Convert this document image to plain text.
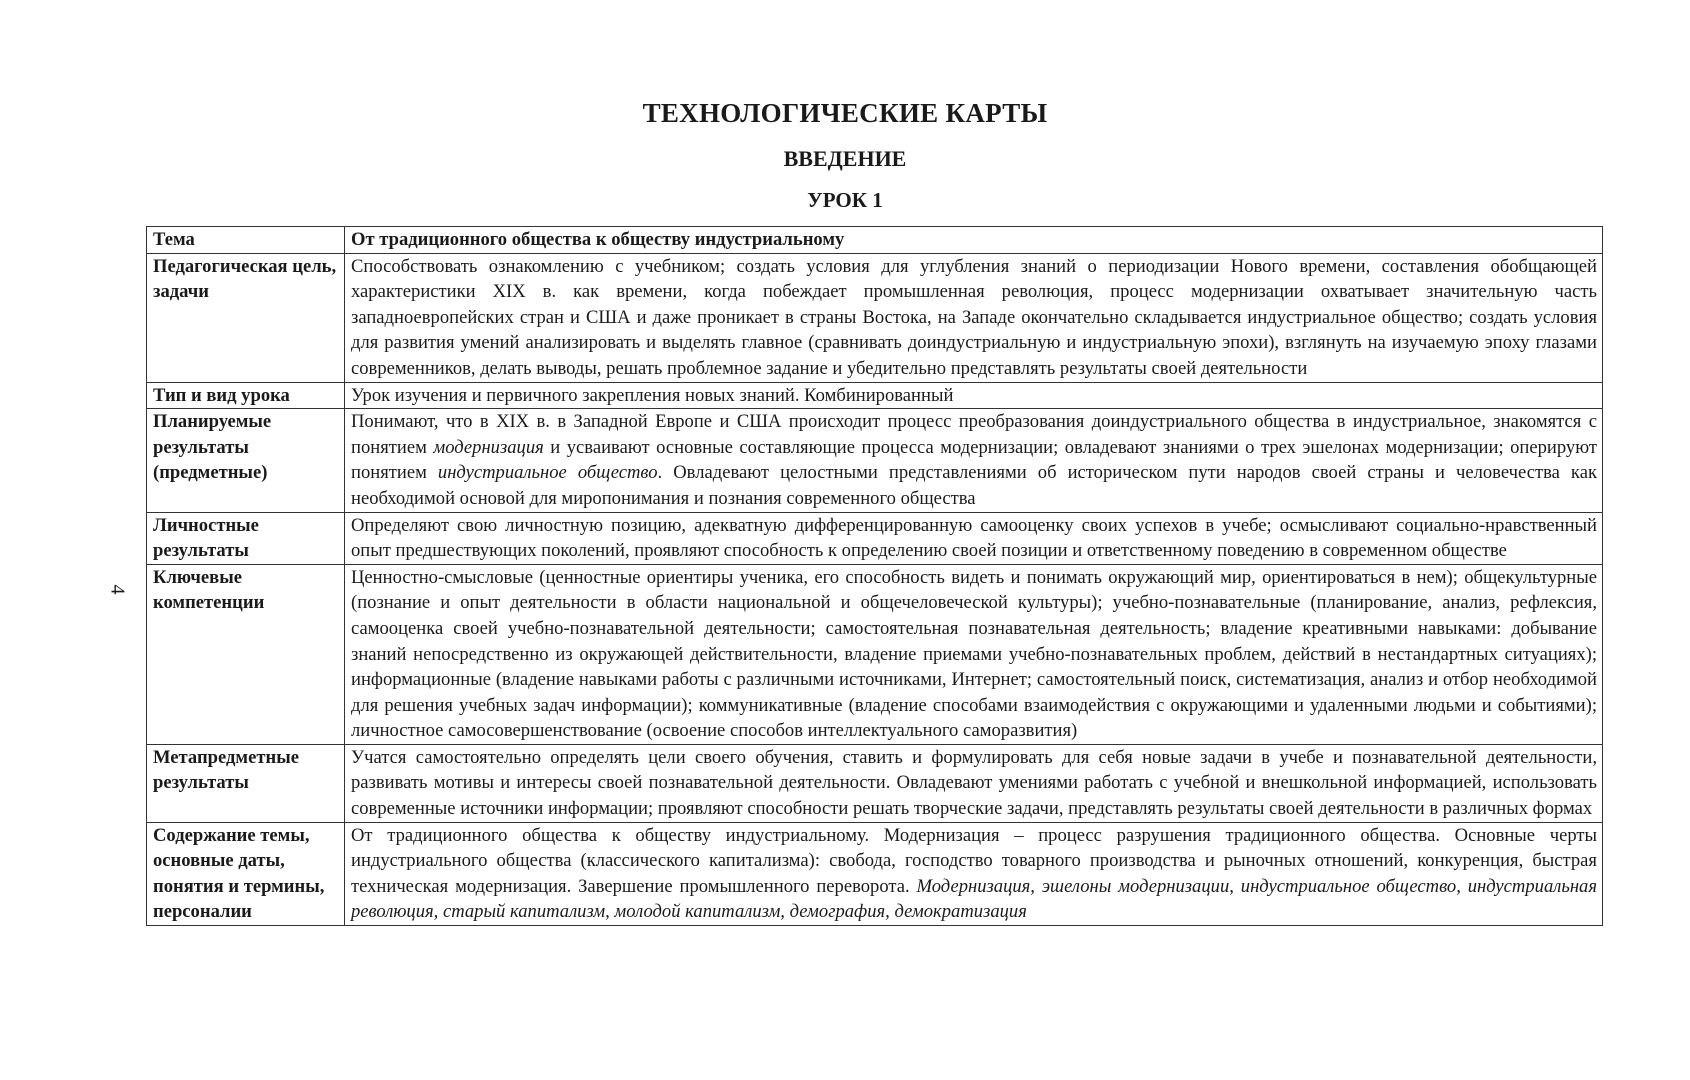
ТЕХНОЛОГИЧЕСКИЕ КАРТЫ
ВВЕДЕНИЕ
УРОК 1
4
Тема	От традиционного общества к обществу индустриальному
Педагогическая цель, задачи	Способствовать ознакомлению с учебником; создать условия для углубления знаний о периодизации Нового времени, составления обобщающей характеристики XIX в. как времени, когда побеждает промышленная революция, процесс модернизации охватывает значительную часть западноевропейских стран и США и даже проникает в страны Востока, на Западе окончательно складывается индустриальное общество; создать условия для развития умений анализировать и выделять главное (сравнивать доиндустриальную и индустриальную эпохи), взглянуть на изучаемую эпоху глазами современников, делать выводы, решать проблемное задание и убедительно представлять результаты своей деятельности
Тип и вид урока	Урок изучения и первичного закрепления новых знаний. Комбинированный
Планируемые результаты (предметные)	Понимают, что в XIX в. в Западной Европе и США происходит процесс преобразования доиндустриального общества в индустриальное, знакомятся с понятием модернизация и усваивают основные составляющие процесса модернизации; овладевают знаниями о трех эшелонах модернизации; оперируют понятием индустриальное общество. Овладевают целостными представлениями об историческом пути народов своей страны и человечества как необходимой основой для миропонимания и познания современного общества
Личностные результаты	Определяют свою личностную позицию, адекватную дифференцированную самооценку своих успехов в учебе; осмысливают социально-нравственный опыт предшествующих поколений, проявляют способность к определению своей позиции и ответственному поведению в современном обществе
Ключевые компетенции	Ценностно-смысловые (ценностные ориентиры ученика, его способность видеть и понимать окружающий мир, ориентироваться в нем); общекультурные (познание и опыт деятельности в области национальной и общечеловеческой культуры); учебно-познавательные (планирование, анализ, рефлексия, самооценка своей учебно-познавательной деятельности; самостоятельная познавательная деятельность; владение креативными навыками: добывание знаний непосредственно из окружающей действительности, владение приемами учебно-познавательных проблем, действий в нестандартных ситуациях); информационные (владение навыками работы с различными источниками, Интернет; самостоятельный поиск, систематизация, анализ и отбор необходимой для решения учебных задач информации); коммуникативные (владение способами взаимодействия с окружающими и удаленными людьми и событиями); личностное самосовершенствование (освоение способов интеллектуального саморазвития)
Метапредметные результаты	Учатся самостоятельно определять цели своего обучения, ставить и формулировать для себя новые задачи в учебе и познавательной деятельности, развивать мотивы и интересы своей познавательной деятельности. Овладевают умениями работать с учебной и внешкольной информацией, использовать современные источники информации; проявляют способности решать творческие задачи, представлять результаты своей деятельности в различных формах
Содержание темы, основные даты, понятия и термины, персоналии	От традиционного общества к обществу индустриальному. Модернизация – процесс разрушения традиционного общества. Основные черты индустриального общества (классического капитализма): свобода, господство товарного производства и рыночных отношений, конкуренция, быстрая техническая модернизация. Завершение промышленного переворота. Модернизация, эшелоны модернизации, индустриальное общество, индустриальная революция, старый капитализм, молодой капитализм, демография, демократизация
